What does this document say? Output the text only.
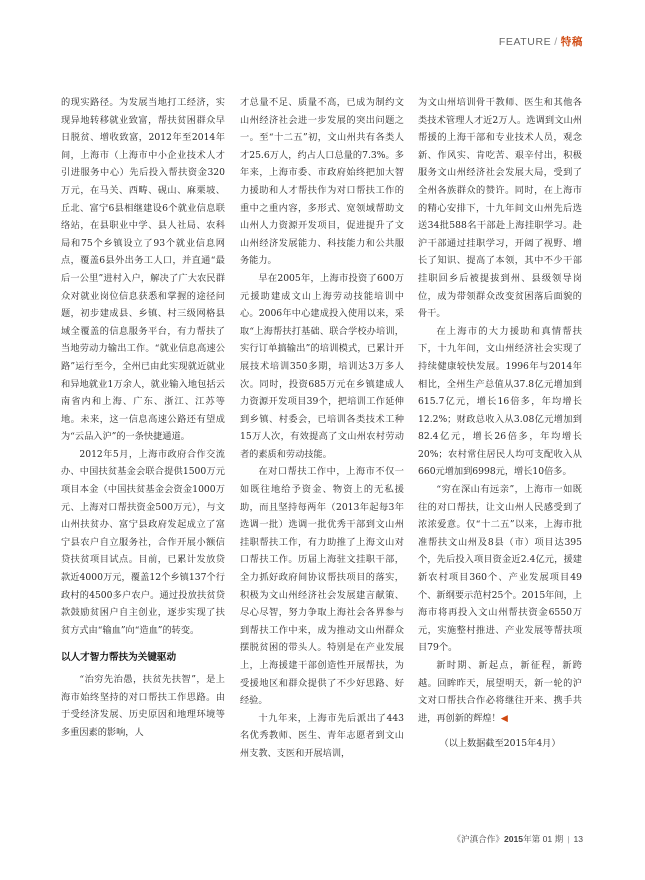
FEATURE / 特稿

的现实路径。为发展当地打工经济，实现异地转移就业致富，帮扶贫困群众早日脱贫、增收致富，2012年至2014年间，上海市（上海市中小企业技术人才引进服务中心）先后投入帮扶资金320万元，在马关、西畴、砚山、麻栗坡、丘北、富宁6县相继建设6个就业信息联络站，在县职业中学、县人社局、农科局和75个乡镇设立了93个就业信息网点，覆盖6县外出务工人口，并直通“最后一公里”进村入户，解决了广大农民群众对就业岗位信息获悉和掌握的途径问题，初步建成县、乡镇、村三级网格县域全覆盖的信息服务平台，有力帮扶了当地劳动力输出工作。“就业信息高速公路”运行至今，全州已由此实现就近就业和异地就业1万余人，就业输入地包括云南省内和上海、广东、浙江、江苏等地。未来，这一信息高速公路还有望成为“云品入沪”的一条快捷通道。

2012年5月，上海市政府合作交流办、中国扶贫基金会联合提供1500万元项目本金（中国扶贫基金会资金1000万元、上海对口帮扶资金500万元），与文山州扶贫办、富宁县政府发起成立了富宁县农户自立服务社，合作开展小额信贷扶贫项目试点。目前，已累计发放贷款近4000万元，覆盖12个乡镇137个行政村的4500多户农户。通过投放扶贫贷款鼓励贫困户自主创业，逐步实现了扶贫方式由“输血”向“造血”的转变。

以人才智力帮扶为关键驱动

“治穷先治愚，扶贫先扶智”，是上海市始终坚持的对口帮扶工作思路。由于受经济发展、历史原因和地理环境等多重因素的影响，人

才总量不足、质量不高，已成为制约文山州经济社会进一步发展的突出问题之一。至“十二五”初，文山州共有各类人才25.6万人，约占人口总量的7.3%。多年来，上海市委、市政府始终把加大智力援助和人才帮扶作为对口帮扶工作的重中之重内容，多形式、宽领域帮助文山州人力资源开发项目，促进提升了文山州经济发展能力、科技能力和公共服务能力。

早在2005年，上海市投资了600万元援助建成文山上海劳动技能培训中心。2006年中心建成投入使用以来，采取“上海帮扶打基础、联合学校办培训，实行订单搞输出”的培训模式，已累计开展技术培训350多期，培训达3万多人次。同时，投资685万元在乡镇建成人力资源开发项目39个，把培训工作延伸到乡镇、村委会，已培训各类技术工种15万人次，有效提高了文山州农村劳动者的素质和劳动技能。

在对口帮扶工作中，上海市不仅一如既往地给予资金、物资上的无私援助，而且坚持每两年（2013年起每3年选调一批）选调一批优秀干部到文山州挂职帮扶工作，有力助推了上海文山对口帮扶工作。历届上海驻文挂职干部，全力抓好政府间协议帮扶项目的落实，积极为文山州经济社会发展建言献策、尽心尽智，努力争取上海社会各界参与到帮扶工作中来，成为推动文山州群众摆脱贫困的带头人。特别是在产业发展上，上海援建干部创造性开展帮扶，为受援地区和群众提供了不少好思路、好经验。

十九年来，上海市先后派出了443名优秀教师、医生、青年志愿者到文山州支教、支医和开展培训，

为文山州培训骨干教师、医生和其他各类技术管理人才近2万人。选调到文山州帮援的上海干部和专业技术人员，观念新、作风实、肯吃苦、艰辛付出，积极服务文山州经济社会发展大局，受到了全州各族群众的赞许。同时，在上海市的精心安排下，十九年间文山州先后选送34批588名干部赴上海挂职学习。赴沪干部通过挂职学习，开阔了视野、增长了知识、提高了本领，其中不少干部挂职回乡后被提拔到州、县级领导岗位，成为带领群众改变贫困落后面貌的骨干。

在上海市的大力援助和真情帮扶下，十九年间，文山州经济社会实现了持续健康较快发展。1996年与2014年相比，全州生产总值从37.8亿元增加到615.7亿元，增长16倍多，年均增长12.2%；财政总收入从3.08亿元增加到82.4亿元，增长26倍多，年均增长20%；农村常住居民人均可支配收入从660元增加到6998元，增长10倍多。

“穷在深山有远亲”，上海市一如既往的对口帮扶，让文山州人民感受到了浓浓爱意。仅“十二五”以来，上海市批准帮扶文山州及8县（市）项目达395个，先后投入项目资金近2.4亿元，援建新农村项目360个、产业发展项目49个、新纲要示范村25个。2015年间，上海市将再投入文山州帮扶资金6550万元，实施整村推进、产业发展等帮扶项目79个。

新时期、新起点，新征程，新跨越。回眸昨天，展望明天，新一轮的沪文对口帮扶合作必将继往开来、携手共进，再创新的辉煌！◀

（以上数据截至2015年4月）

《沪滇合作》2015年第 01 期 | 13
